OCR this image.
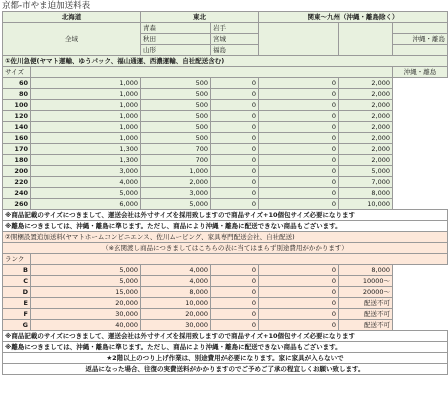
京都-市やま迫加送料表
北海道		東北		関東～九州（沖縄・離島除く）		
全域		青森	岩手			
		秋田	宮城			沖縄・離島
		山形	福島			
①佐川急便(ヤマト運輸、ゆうパック、福山通運、西濃運輸、自社配送含む)						
サイズ						沖縄・離島
60	1,000	500	0	0	2,000	
80	1,000	500	0	0	2,000	
100	1,000	500	0	0	2,000	
120	1,000	500	0	0	2,000	
140	1,000	500	0	0	2,000	
160	1,000	500	0	0	2,000	
170	1,300	700	0	0	2,000	
180	1,300	700	0	0	2,000	
200	3,000	1,000	0	0	5,000	
220	4,000	2,000	0	0	7,000	
240	5,000	3,000	0	0	8,000	
260	6,000	5,000	0	0	10,000	
※商品記載のサイズにつきまして、運送会社は外寸サイズを採用致しますので商品サイズ+10個包サイズ必要になります						
※離島につきましては、沖縄・離島に準じます。ただし、商品により沖縄・離島に配送できない商品もございます。						
②開梱設置追加送料(ヤマトホームコンビニエンス、佐川ムービング、家具専門配送会社、自社配送)						
（※玄関渡し商品につきましてはこちらの表に当てはまらず別途費用がかかります）						
ランク						
B	5,000	4,000	0	0	8,000	
C	5,000	4,000	0	0	10000～	
D	15,000	8,000	0	0	20000～	
E	20,000	10,000	0	0	配送不可	
F	30,000	20,000	0	0	配送不可	
G	40,000	30,000	0	0	配送不可	
※商品記載のサイズにつきまして、運送会社は外寸サイズを採用致しますので商品サイズ+10個包サイズ必要になります						
※離島につきましては、沖縄・離島に準じます。ただし、商品により沖縄・離島に配送できない商品もございます。						
★2階以上のつり上げ作業は、別途費用が必要になります。家に家具が入らないで						
返品になった場合、往復の実費送料がかかりますのでご予めご了承の程宜しくお願い致します。						
